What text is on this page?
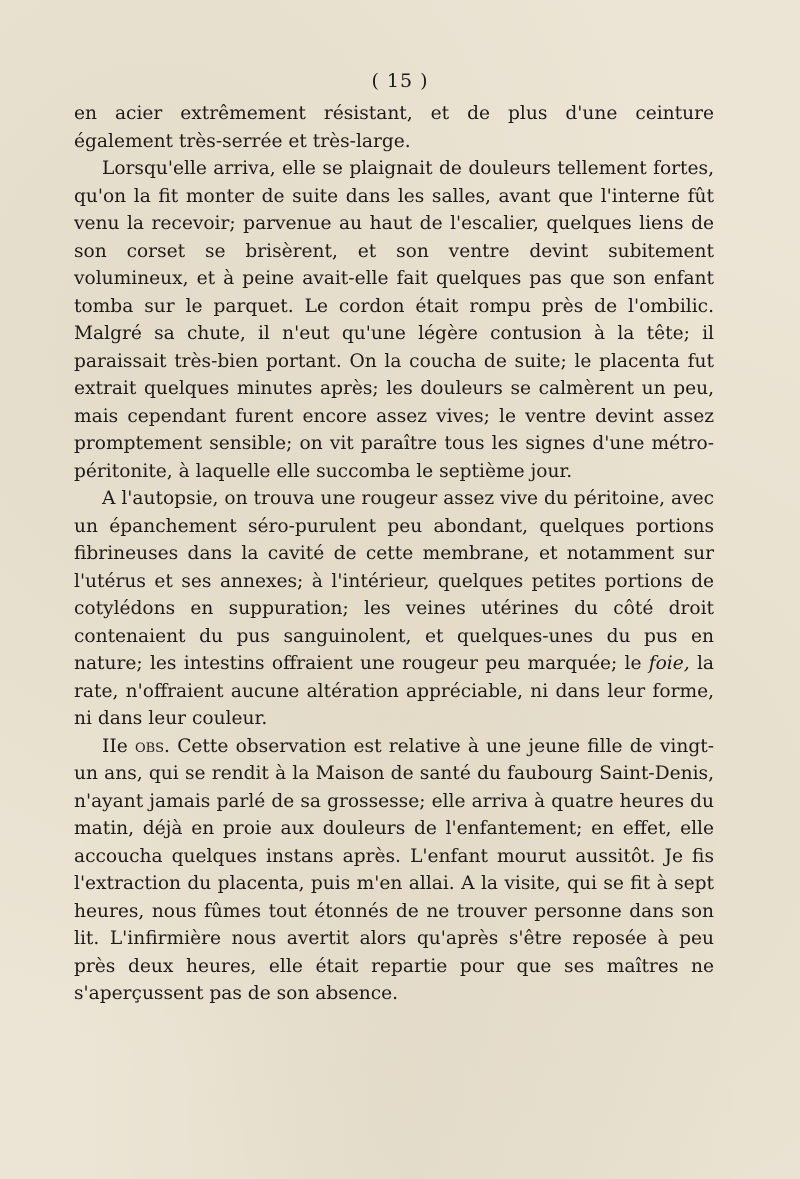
( 15 )

en acier extrêmement résistant, et de plus d'une ceinture également très-serrée et très-large.

Lorsqu'elle arriva, elle se plaignait de douleurs tellement fortes, qu'on la fit monter de suite dans les salles, avant que l'interne fût venu la recevoir; parvenue au haut de l'escalier, quelques liens de son corset se brisèrent, et son ventre devint subitement volumineux, et à peine avait-elle fait quelques pas que son enfant tomba sur le parquet. Le cordon était rompu près de l'ombilic. Malgré sa chute, il n'eut qu'une légère contusion à la tête; il paraissait très-bien portant. On la coucha de suite; le placenta fut extrait quelques minutes après; les douleurs se calmèrent un peu, mais cependant furent encore assez vives; le ventre devint assez promptement sensible; on vit paraître tous les signes d'une métro-péritonite, à laquelle elle succomba le septième jour.

A l'autopsie, on trouva une rougeur assez vive du péritoine, avec un épanchement séro-purulent peu abondant, quelques portions fibrineuses dans la cavité de cette membrane, et notamment sur l'utérus et ses annexes; à l'intérieur, quelques petites portions de cotylédons en suppuration; les veines utérines du côté droit contenaient du pus sanguinolent, et quelques-unes du pus en nature; les intestins offraient une rougeur peu marquée; le foie, la rate, n'offraient aucune altération appréciable, ni dans leur forme, ni dans leur couleur.

IIe obs. Cette observation est relative à une jeune fille de vingt-un ans, qui se rendit à la Maison de santé du faubourg Saint-Denis, n'ayant jamais parlé de sa grossesse; elle arriva à quatre heures du matin, déjà en proie aux douleurs de l'enfantement; en effet, elle accoucha quelques instans après. L'enfant mourut aussitôt. Je fis l'extraction du placenta, puis m'en allai. A la visite, qui se fit à sept heures, nous fûmes tout étonnés de ne trouver personne dans son lit. L'infirmière nous avertit alors qu'après s'être reposée à peu près deux heures, elle était repartie pour que ses maîtres ne s'aperçussent pas de son absence.
